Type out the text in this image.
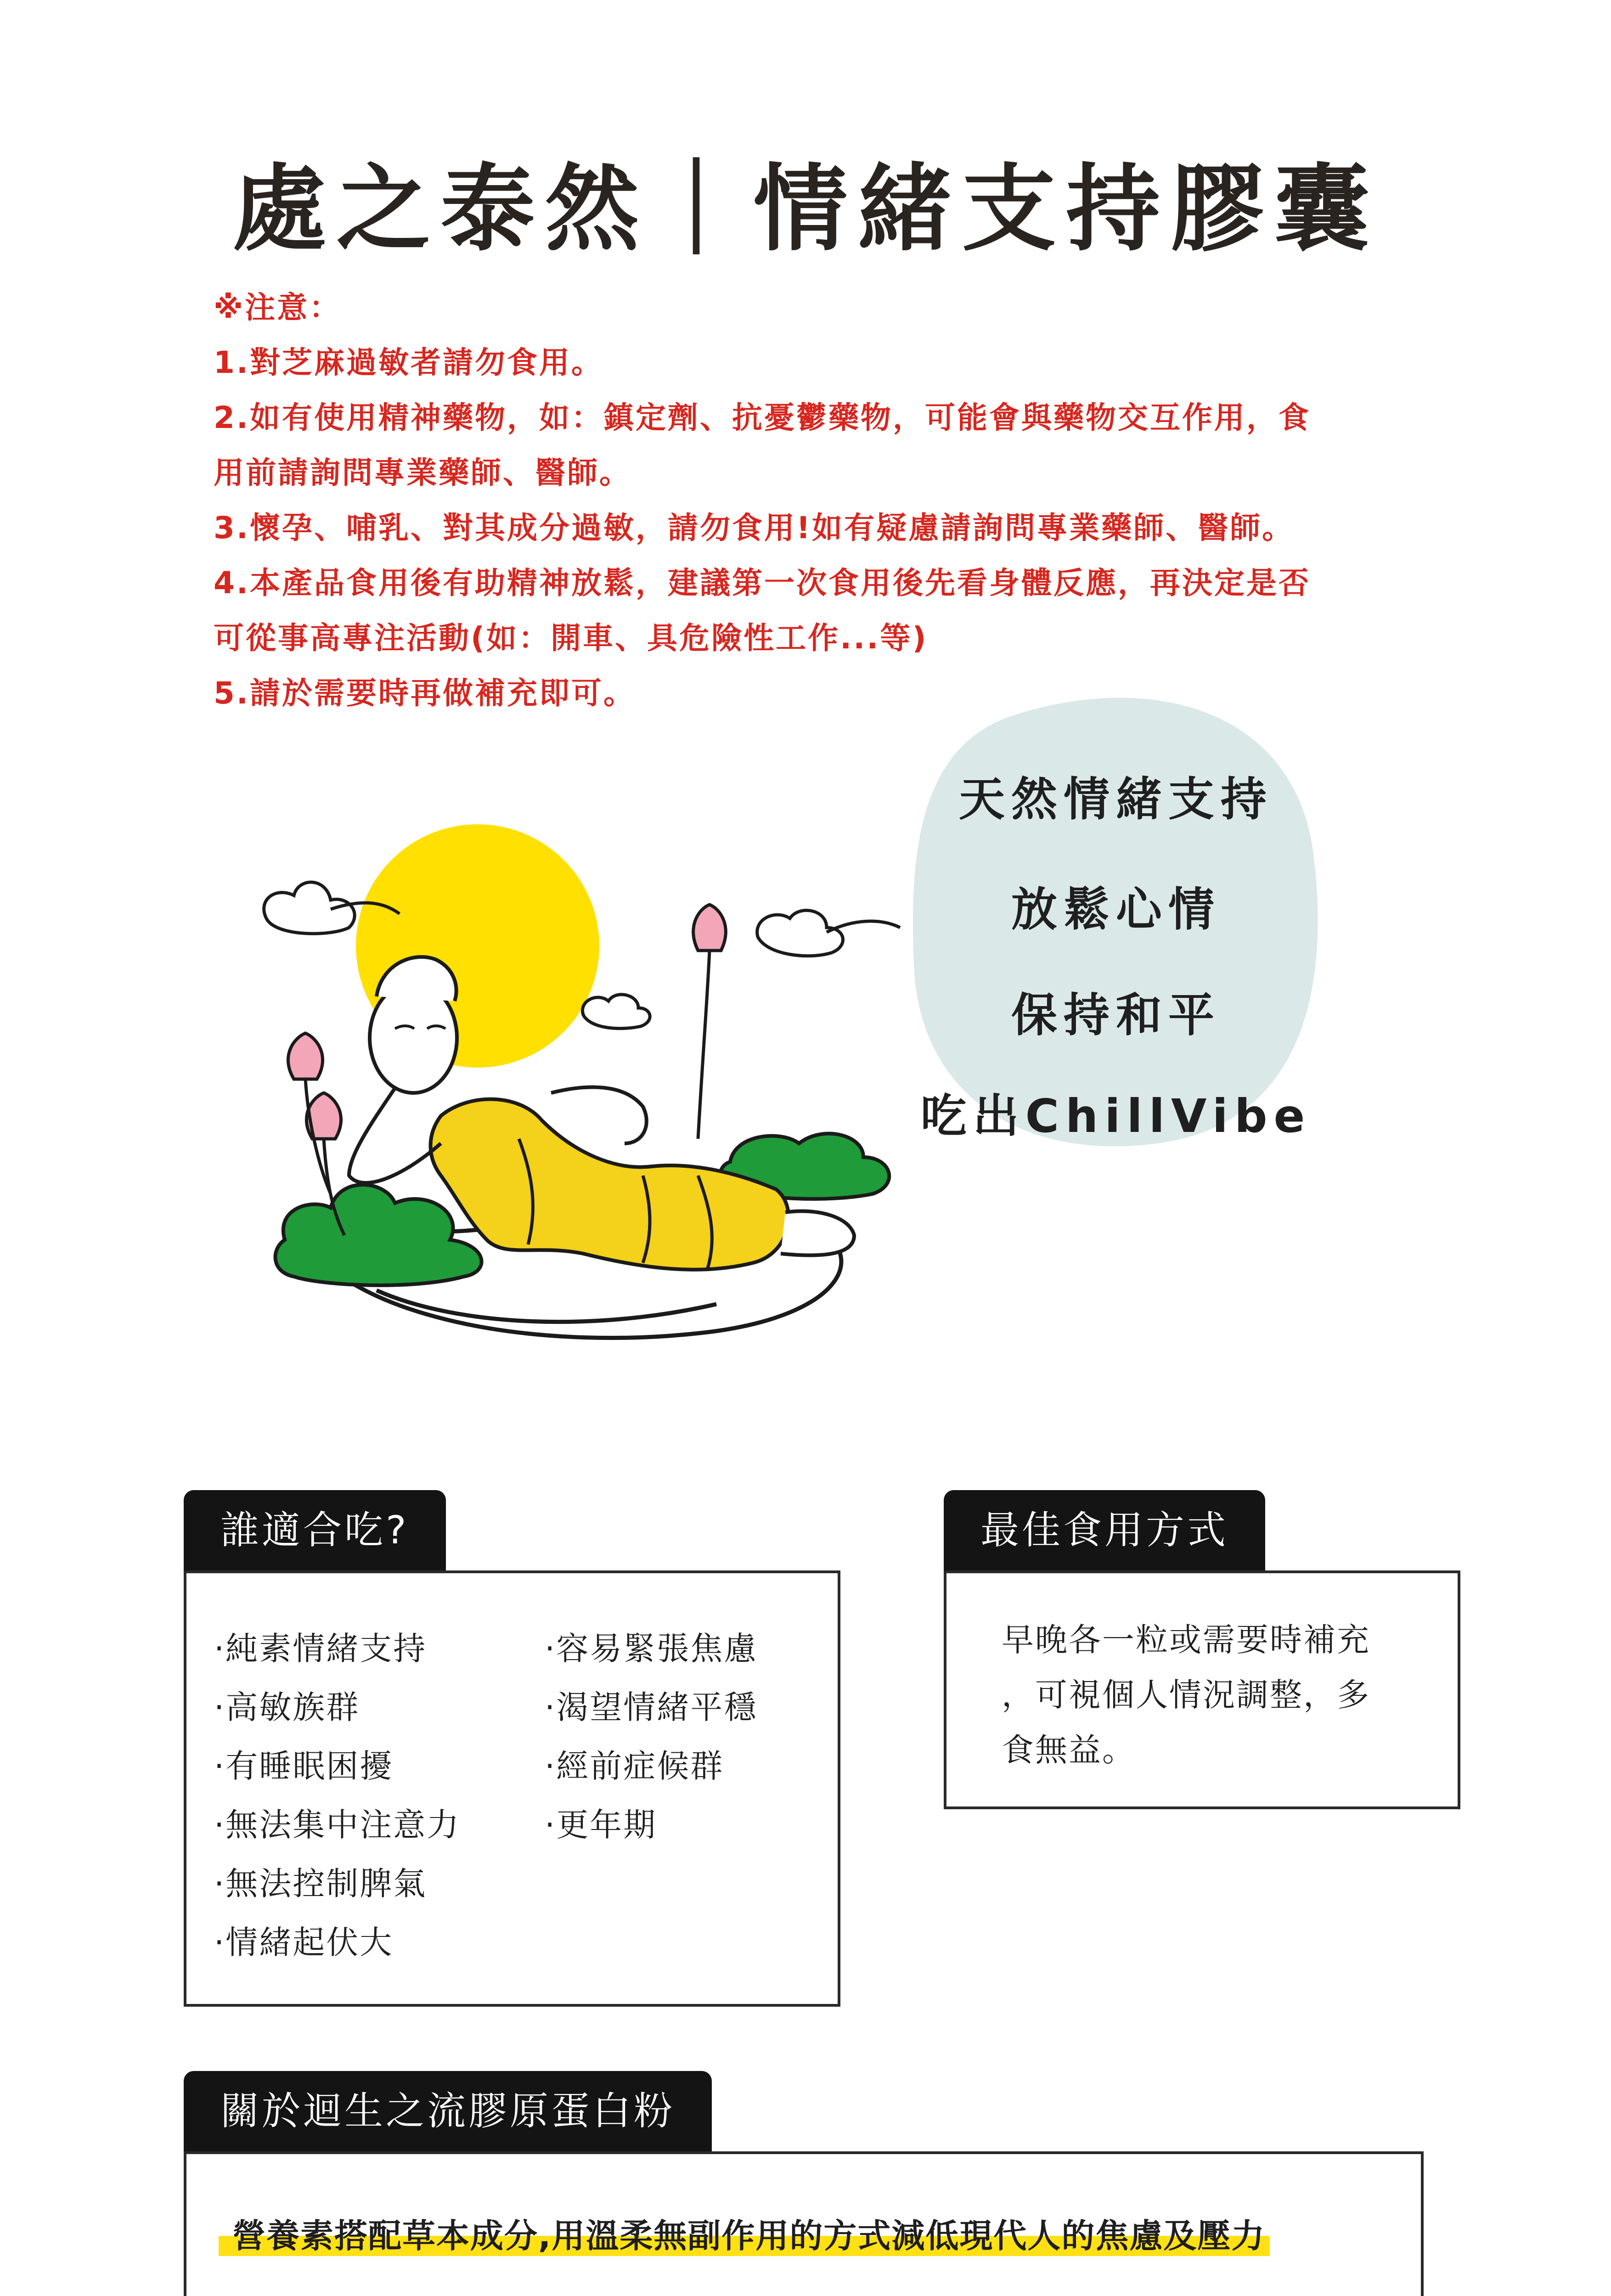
處之泰然｜情緒支持膠囊

※注意：

1.對芝麻過敏者請勿食用。

2.如有使用精神藥物，如：鎮定劑、抗憂鬱藥物，可能會與藥物交互作用，食

用前請詢問專業藥師、醫師。

3.懷孕、哺乳、對其成分過敏，請勿食用!如有疑慮請詢問專業藥師、醫師。

4.本產品食用後有助精神放鬆，建議第一次食用後先看身體反應，再決定是否

可從事高專注活動(如：開車、具危險性工作...等)

5.請於需要時再做補充即可。

天然情緒支持
放鬆心情
保持和平
吃出ChillVibe
誰適合吃?
·純素情緒支持
·高敏族群
·有睡眠困擾
·無法集中注意力
·無法控制脾氣
·情緒起伏大
·容易緊張焦慮
·渴望情緒平穩
·經前症候群
·更年期
最佳食用方式
早晚各一粒或需要時補充
，可視個人情況調整，多
食無益。
關於迴生之流膠原蛋白粉
營養素搭配草本成分,用溫柔無副作用的方式減低現代人的焦慮及壓力
